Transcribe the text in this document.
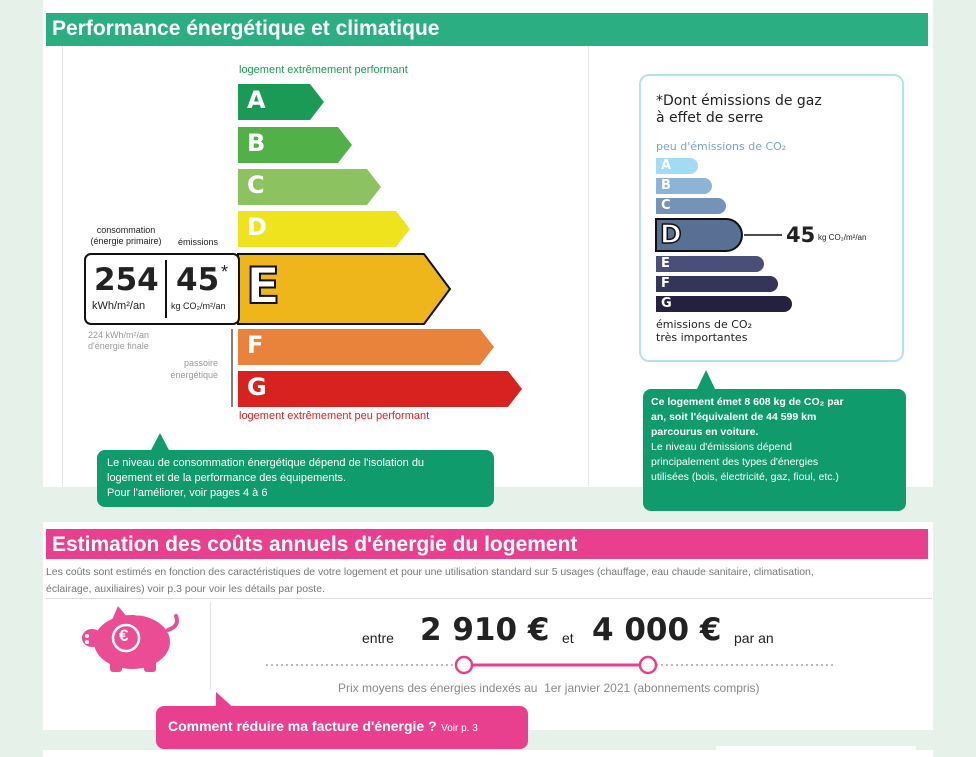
Performance énergétique et climatique
logement extrêmement performant
logement extrêmement peu performant
A
B
C
D
E
F
G
consommation
(énergie primaire)	émissions
254
kWh/m²/an
45 *
kg CO₂/m²/an
224 kWh/m²/an
d'énergie finale
passoire
énergétique
*Dont émissions de gaz
à effet de serre
peu d'émissions de CO₂
A
B
C
D
E
F
G
45 kg CO₂/m²/an
émissions de CO₂
très importantes
Le niveau de consommation énergétique dépend de l'isolation du
logement et de la performance des équipements.
Pour l'améliorer, voir pages 4 à 6
Ce logement émet 8 608 kg de CO₂ par
an, soit l'équivalent de 44 599 km
parcourus en voiture.
Le niveau d'émissions dépend
principalement des types d'énergies
utilisées (bois, électricité, gaz, fioul, etc.)
Estimation des coûts annuels d'énergie du logement
Les coûts sont estimés en fonction des caractéristiques de votre logement et pour une utilisation standard sur 5 usages (chauffage, eau chaude sanitaire, climatisation,
éclairage, auxiliaires) voir p.3 pour voir les détails par poste.
€	entre 2 910 € et 4 000 € par an
Prix moyens des énergies indexés au  1er janvier 2021 (abonnements compris)
Comment réduire ma facture d'énergie ? Voir p. 3
